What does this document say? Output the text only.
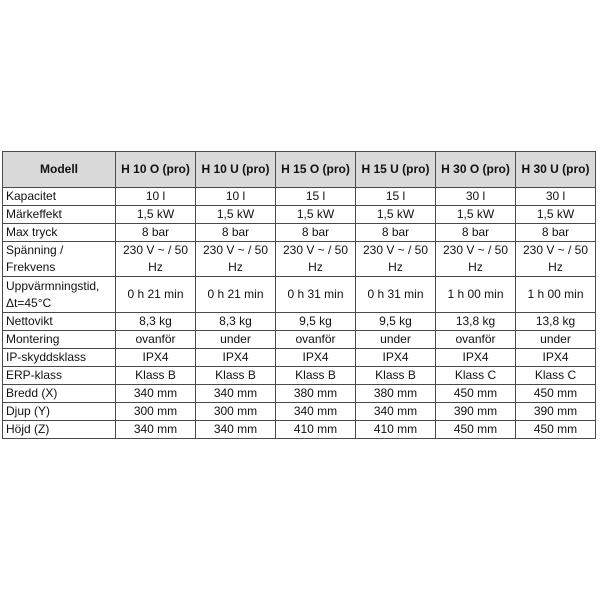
Modell	H 10 O (pro)	H 10 U (pro)	H 15 O (pro)	H 15 U (pro)	H 30 O (pro)	H 30 U (pro)
Kapacitet	10 l	10 l	15 l	15 l	30 l	30 l
Märkeffekt	1,5 kW	1,5 kW	1,5 kW	1,5 kW	1,5 kW	1,5 kW
Max tryck	8 bar	8 bar	8 bar	8 bar	8 bar	8 bar
Spänning / Frekvens	230 V ~ / 50 Hz	230 V ~ / 50 Hz	230 V ~ / 50 Hz	230 V ~ / 50 Hz	230 V ~ / 50 Hz	230 V ~ / 50 Hz
Uppvärmningstid, Δt=45°C	0 h 21 min	0 h 21 min	0 h 31 min	0 h 31 min	1 h 00 min	1 h 00 min
Nettovikt	8,3 kg	8,3 kg	9,5 kg	9,5 kg	13,8 kg	13,8 kg
Montering	ovanför	under	ovanför	under	ovanför	under
IP-skyddsklass	IPX4	IPX4	IPX4	IPX4	IPX4	IPX4
ERP-klass	Klass B	Klass B	Klass B	Klass B	Klass C	Klass C
Bredd (X)	340 mm	340 mm	380 mm	380 mm	450 mm	450 mm
Djup (Y)	300 mm	300 mm	340 mm	340 mm	390 mm	390 mm
Höjd (Z)	340 mm	340 mm	410 mm	410 mm	450 mm	450 mm
